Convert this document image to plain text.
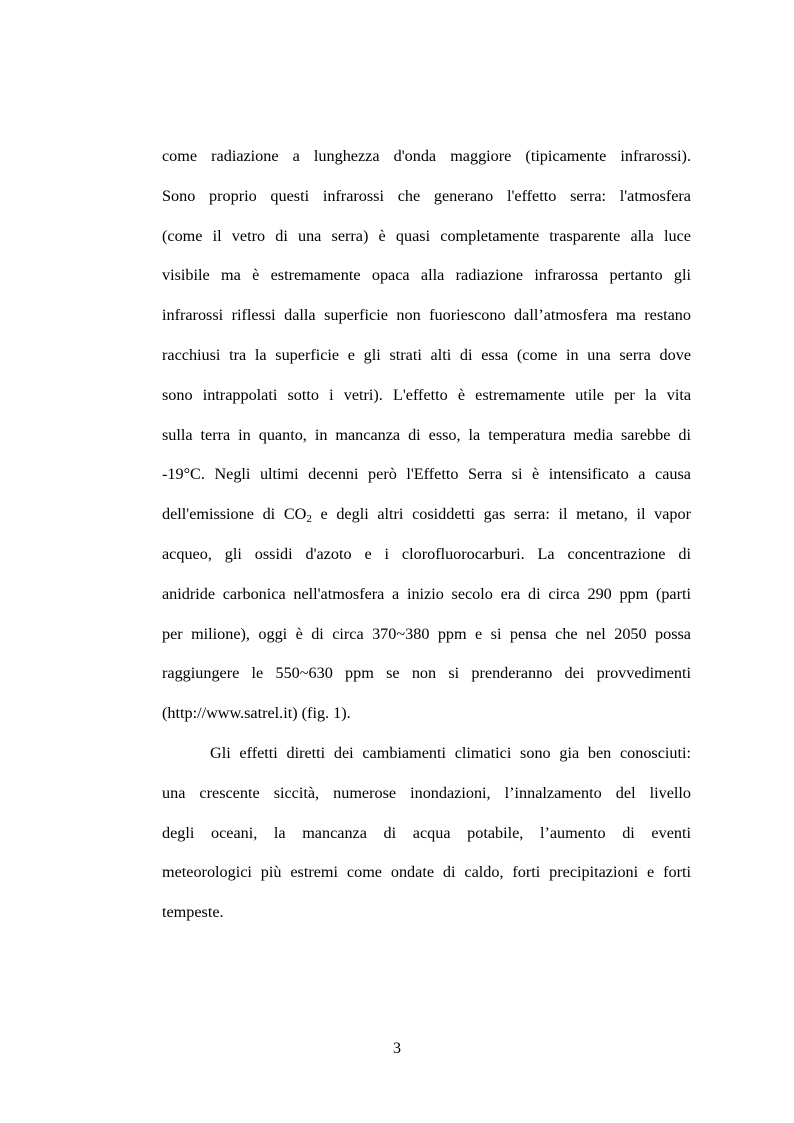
come radiazione a lunghezza d'onda maggiore (tipicamente infrarossi).
Sono proprio questi infrarossi che generano l'effetto serra: l'atmosfera
(come il vetro di una serra) è quasi completamente trasparente alla luce
visibile ma è estremamente opaca alla radiazione infrarossa pertanto gli
infrarossi riflessi dalla superficie non fuoriescono dall’atmosfera ma restano
racchiusi tra la superficie e gli strati alti di essa (come in una serra dove
sono intrappolati sotto i vetri). L'effetto è estremamente utile per la vita
sulla terra in quanto, in mancanza di esso, la temperatura media sarebbe di
-19°C. Negli ultimi decenni però l'Effetto Serra si è intensificato a causa
dell'emissione di $CO_2$ e degli altri cosiddetti gas serra: il metano, il vapor
acqueo, gli ossidi d'azoto e i clorofluorocarburi. La concentrazione di
anidride carbonica nell'atmosfera a inizio secolo era di circa 290 ppm (parti
per milione), oggi è di circa 370~380 ppm e si pensa che nel 2050 possa
raggiungere le 550~630 ppm se non si prenderanno dei provvedimenti
(http://www.satrel.it) (fig. 1).
Gli effetti diretti dei cambiamenti climatici sono gia ben conosciuti:
una crescente siccità, numerose inondazioni, l’innalzamento del livello
degli oceani, la mancanza di acqua potabile, l’aumento di eventi
meteorologici più estremi come ondate di caldo, forti precipitazioni e forti
tempeste.
3
